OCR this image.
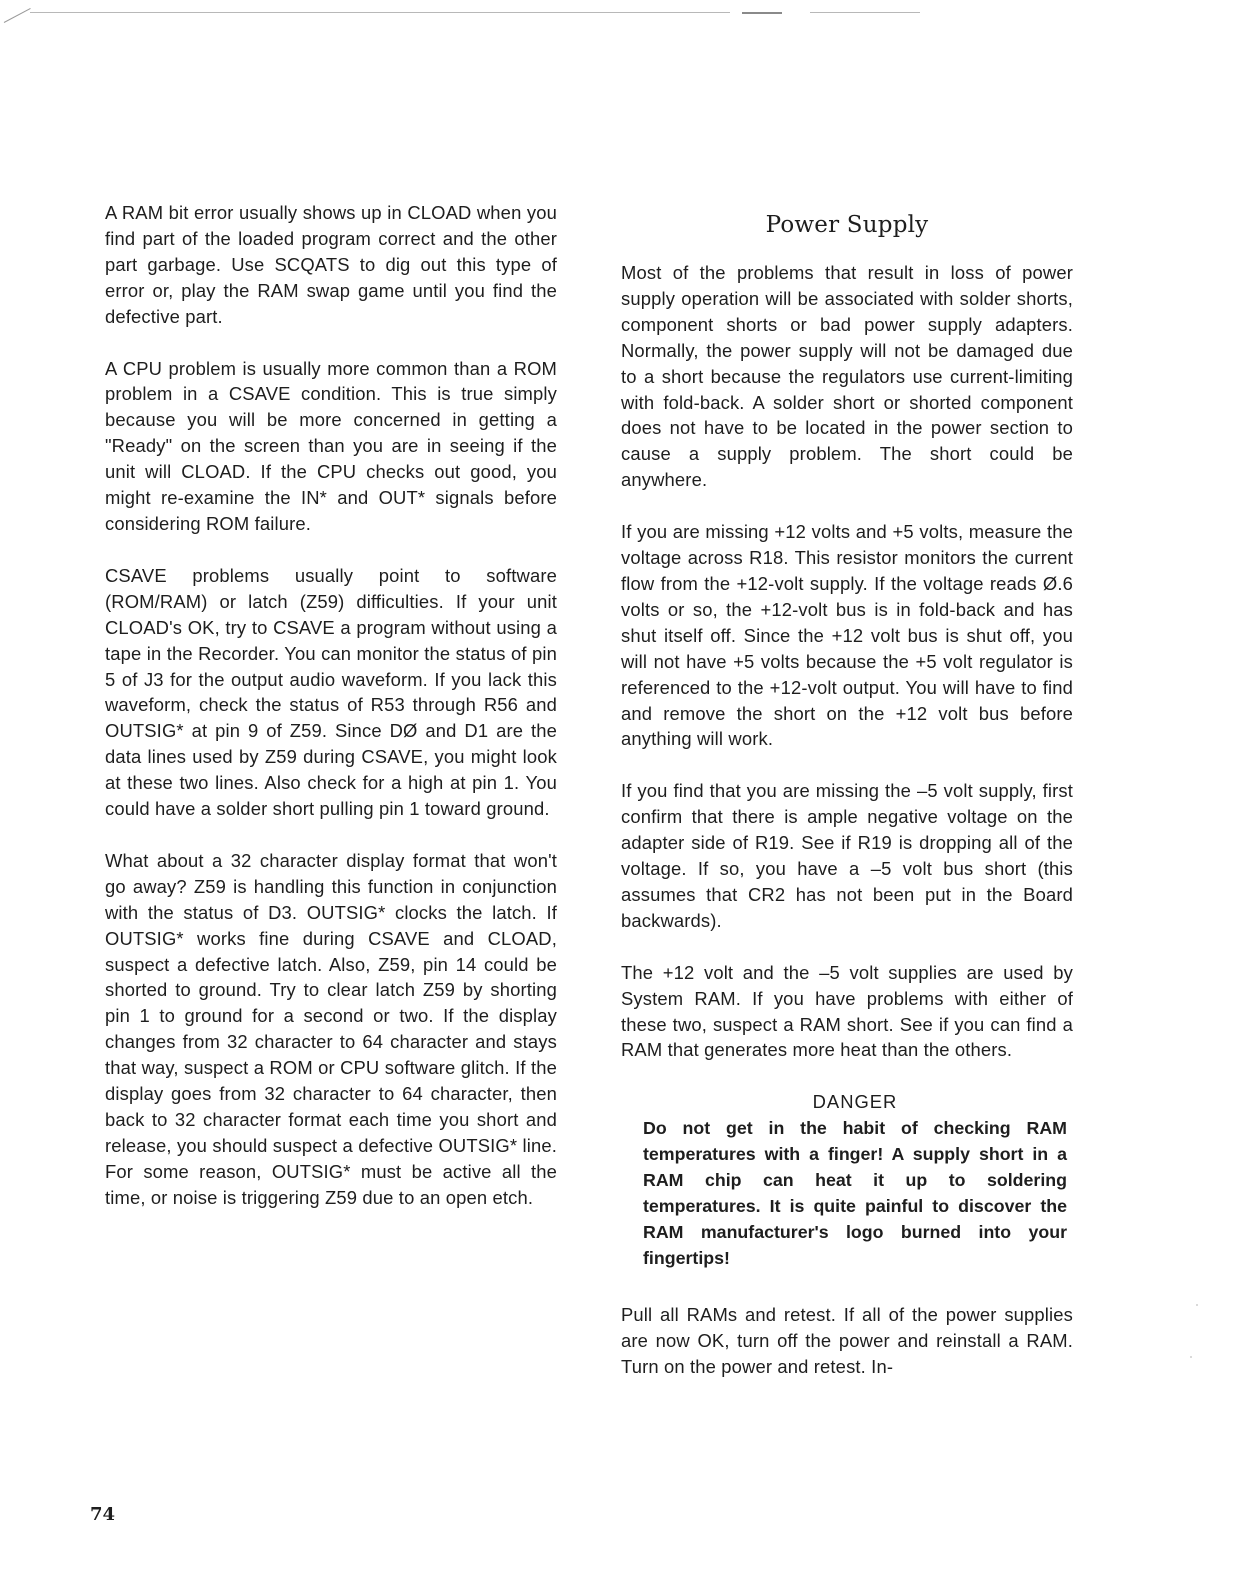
A RAM bit error usually shows up in CLOAD when you find part of the loaded program correct and the other part garbage. Use SCQATS to dig out this type of error or, play the RAM swap game until you find the defective part.

A CPU problem is usually more common than a ROM problem in a CSAVE condition. This is true simply because you will be more concerned in getting a "Ready" on the screen than you are in seeing if the unit will CLOAD. If the CPU checks out good, you might re-examine the IN* and OUT* signals before considering ROM failure.

CSAVE problems usually point to software (ROM/RAM) or latch (Z59) difficulties. If your unit CLOAD's OK, try to CSAVE a program without using a tape in the Recorder. You can monitor the status of pin 5 of J3 for the output audio waveform. If you lack this waveform, check the status of R53 through R56 and OUTSIG* at pin 9 of Z59. Since DØ and D1 are the data lines used by Z59 during CSAVE, you might look at these two lines. Also check for a high at pin 1. You could have a solder short pulling pin 1 toward ground.

What about a 32 character display format that won't go away? Z59 is handling this function in conjunction with the status of D3. OUTSIG* clocks the latch. If OUTSIG* works fine during CSAVE and CLOAD, suspect a defective latch. Also, Z59, pin 14 could be shorted to ground. Try to clear latch Z59 by shorting pin 1 to ground for a second or two. If the display changes from 32 character to 64 character and stays that way, suspect a ROM or CPU software glitch. If the display goes from 32 character to 64 character, then back to 32 character format each time you short and release, you should suspect a defective OUTSIG* line. For some reason, OUTSIG* must be active all the time, or noise is triggering Z59 due to an open etch.

Power Supply

Most of the problems that result in loss of power supply operation will be associated with solder shorts, component shorts or bad power supply adapters. Normally, the power supply will not be damaged due to a short because the regulators use current-limiting with fold-back. A solder short or shorted component does not have to be located in the power section to cause a supply problem. The short could be anywhere.

If you are missing +12 volts and +5 volts, measure the voltage across R18. This resistor monitors the current flow from the +12-volt supply. If the voltage reads Ø.6 volts or so, the +12-volt bus is in fold-back and has shut itself off. Since the +12 volt bus is shut off, you will not have +5 volts because the +5 volt regulator is referenced to the +12-volt output. You will have to find and remove the short on the +12 volt bus before anything will work.

If you find that you are missing the –5 volt supply, first confirm that there is ample negative voltage on the adapter side of R19. See if R19 is dropping all of the voltage. If so, you have a –5 volt bus short (this assumes that CR2 has not been put in the Board backwards).

The +12 volt and the –5 volt supplies are used by System RAM. If you have problems with either of these two, suspect a RAM short. See if you can find a RAM that generates more heat than the others.

DANGER
Do not get in the habit of checking RAM temperatures with a finger! A supply short in a RAM chip can heat it up to soldering temperatures. It is quite painful to discover the RAM manufacturer's logo burned into your fingertips!

Pull all RAMs and retest. If all of the power supplies are now OK, turn off the power and reinstall a RAM. Turn on the power and retest. In-

74
